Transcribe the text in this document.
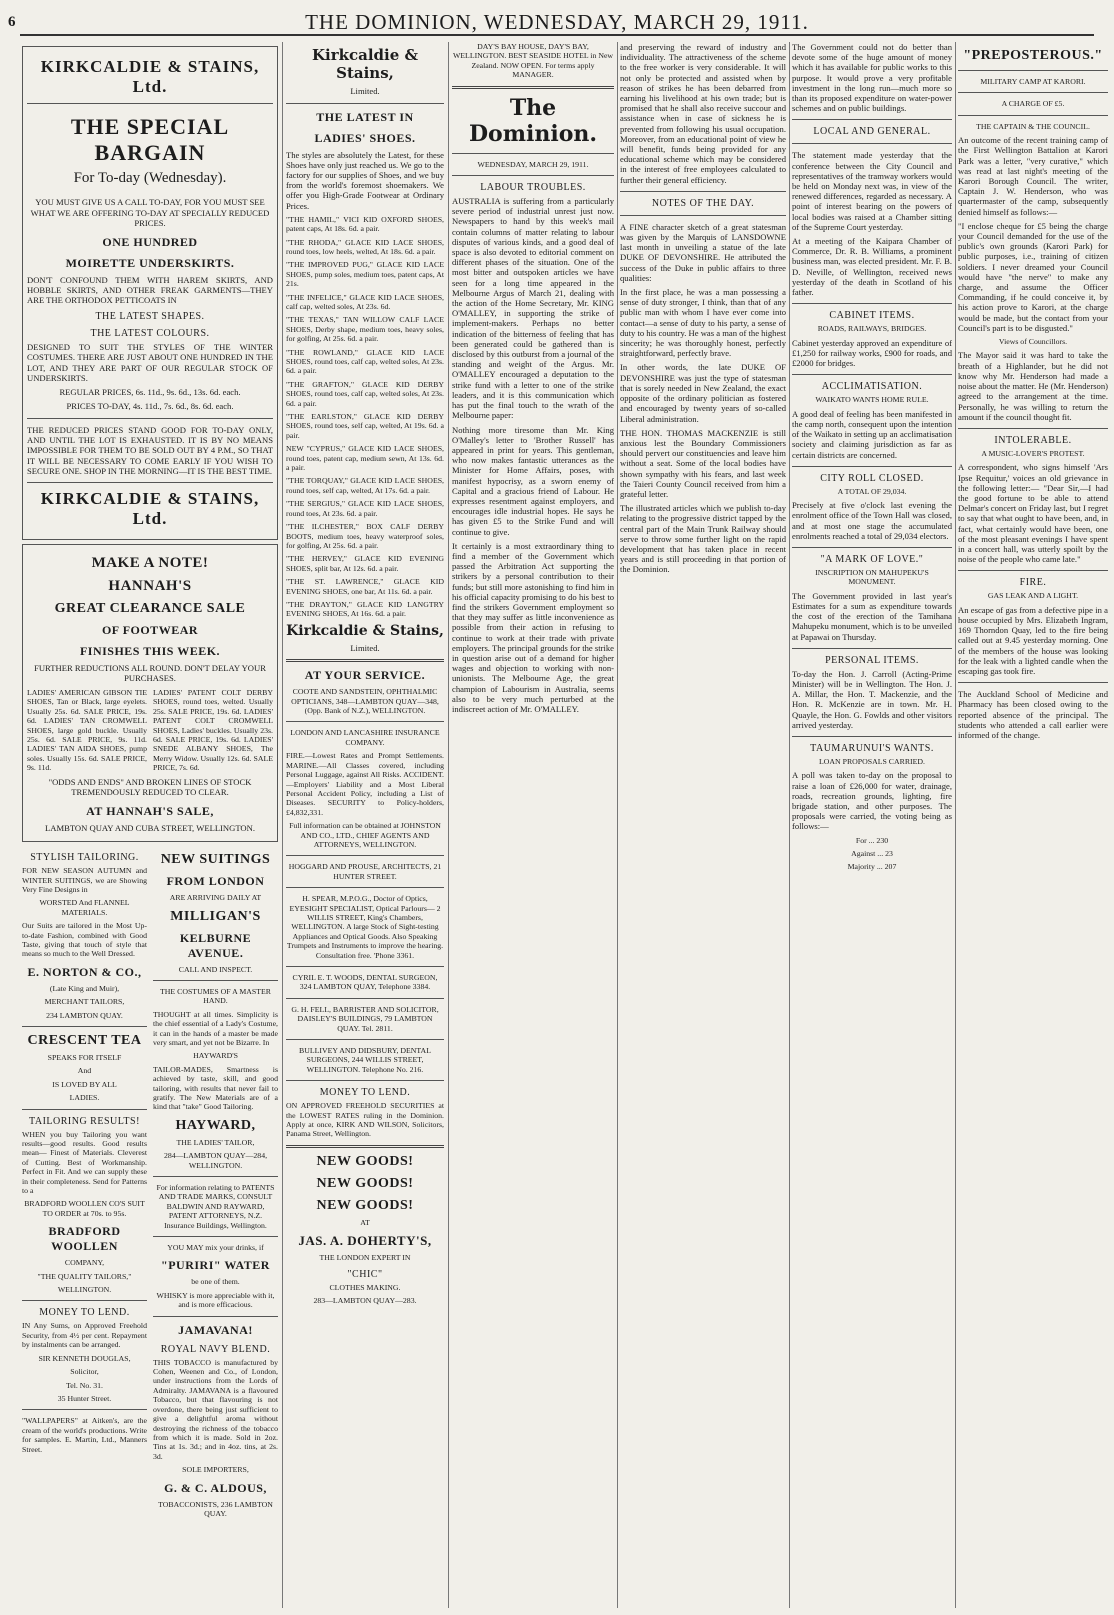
6	THE DOMINION, WEDNESDAY, MARCH 29, 1911.
KIRKCALDIE & STAINS, Ltd.
THE SPECIAL BARGAIN
For To-day (Wednesday).

YOU MUST GIVE US A CALL TO-DAY, FOR YOU MUST SEE WHAT WE ARE OFFERING TO-DAY AT SPECIALLY REDUCED PRICES.

ONE HUNDRED
MOIRETTE UNDERSKIRTS.

DON'T CONFOUND THEM WITH HAREM SKIRTS, AND HOBBLE SKIRTS, AND OTHER FREAK GARMENTS—THEY ARE THE ORTHODOX PETTICOATS IN

THE LATEST SHAPES.
THE LATEST COLOURS.

DESIGNED TO SUIT THE STYLES OF THE WINTER COSTUMES. THERE ARE JUST ABOUT ONE HUNDRED IN THE LOT, AND THEY ARE PART OF OUR REGULAR STOCK OF UNDERSKIRTS.

REGULAR PRICES, 6s. 11d., 9s. 6d., 13s. 6d. each.

PRICES TO-DAY, 4s. 11d., 7s. 6d., 8s. 6d. each.

THE REDUCED PRICES STAND GOOD FOR TO-DAY ONLY, AND UNTIL THE LOT IS EXHAUSTED. IT IS BY NO MEANS IMPOSSIBLE FOR THEM TO BE SOLD OUT BY 4 P.M., SO THAT IT WILL BE NECESSARY TO COME EARLY IF YOU WISH TO SECURE ONE. SHOP IN THE MORNING—IT IS THE BEST TIME.

KIRKCALDIE & STAINS, Ltd.
MAKE A NOTE!
HANNAH'S
GREAT CLEARANCE SALE
OF FOOTWEAR
FINISHES THIS WEEK.

FURTHER REDUCTIONS ALL ROUND. DON'T DELAY YOUR PURCHASES.

LADIES' AMERICAN GIBSON TIE SHOES, Tan or Black, large eyelets. Usually 25s. 6d. SALE PRICE, 19s. 6d. LADIES' TAN CROMWELL SHOES, large gold buckle. Usually 25s. 6d. SALE PRICE, 9s. 11d. LADIES' TAN AIDA SHOES, pump soles. Usually 15s. 6d. SALE PRICE, 9s. 11d.

LADIES' PATENT COLT DERBY SHOES, round toes, welted. Usually 25s. SALE PRICE, 19s. 6d. LADIES' PATENT COLT CROMWELL SHOES, Ladies' buckles. Usually 23s. 6d. SALE PRICE, 19s. 6d. LADIES' SNEDE ALBANY SHOES, The Merry Widow. Usually 12s. 6d. SALE PRICE, 7s. 6d.

"ODDS AND ENDS" AND BROKEN LINES OF STOCK TREMENDOUSLY REDUCED TO CLEAR.

AT HANNAH'S SALE,

LAMBTON QUAY AND CUBA STREET, WELLINGTON.

STYLISH TAILORING.

FOR NEW SEASON AUTUMN and WINTER SUITINGS, we are Showing Very Fine Designs in

WORSTED And FLANNEL MATERIALS.

Our Suits are tailored in the Most Up-to-date Fashion, combined with Good Taste, giving that touch of style that means so much to the Well Dressed.

E. NORTON & CO.,

(Late King and Muir),

MERCHANT TAILORS,

234 LAMBTON QUAY.

CRESCENT TEA

SPEAKS FOR ITSELF

And

IS LOVED BY ALL

LADIES.

TAILORING RESULTS!

WHEN you buy Tailoring you want results—good results. Good results mean— Finest of Materials. Cleverest of Cutting. Best of Workmanship. Perfect in Fit. And we can supply these in their completeness. Send for Patterns to a

BRADFORD WOOLLEN CO'S SUIT TO ORDER at 70s. to 95s.

BRADFORD WOOLLEN

COMPANY,

"THE QUALITY TAILORS,"

WELLINGTON.

MONEY TO LEND.

IN Any Sums, on Approved Freehold Security, from 4½ per cent. Repayment by instalments can be arranged.

SIR KENNETH DOUGLAS,

Solicitor,

Tel. No. 31.

35 Hunter Street.

"WALLPAPERS" at Aitken's, are the cream of the world's productions. Write for samples. E. Martin, Ltd., Manners Street.

NEW SUITINGS
FROM LONDON

ARE ARRIVING DAILY AT

MILLIGAN'S
KELBURNE AVENUE.

CALL AND INSPECT.

THE COSTUMES OF A MASTER HAND.

THOUGHT at all times. Simplicity is the chief essential of a Lady's Costume, it can in the hands of a master be made very smart, and yet not be Bizarre. In

HAYWARD'S

TAILOR-MADES, Smartness is achieved by taste, skill, and good tailoring, with results that never fail to gratify. The New Materials are of a kind that "take" Good Tailoring.

HAYWARD,

THE LADIES' TAILOR,

284—LAMBTON QUAY—284, WELLINGTON.

For information relating to PATENTS AND TRADE MARKS, CONSULT BALDWIN AND RAYWARD, PATENT ATTORNEYS, N.Z. Insurance Buildings, Wellington.

YOU MAY mix your drinks, if

"PURIRI" WATER

be one of them.

WHISKY is more appreciable with it, and is more efficacious.

JAMAVANA!
ROYAL NAVY BLEND.

THIS TOBACCO is manufactured by Cohen, Weenen and Co., of London, under instructions from the Lords of Admiralty. JAMAVANA is a flavoured Tobacco, but that flavouring is not overdone, there being just sufficient to give a delightful aroma without destroying the richness of the tobacco from which it is made. Sold in 2oz. Tins at 1s. 3d.; and in 4oz. tins, at 2s. 3d.

SOLE IMPORTERS,

G. & C. ALDOUS,

TOBACCONISTS, 236 LAMBTON QUAY.

Kirkcaldie & Stains,

Limited.

THE LATEST IN
LADIES' SHOES.

The styles are absolutely the Latest, for these Shoes have only just reached us. We go to the factory for our supplies of Shoes, and we buy from the world's foremost shoemakers. We offer you High-Grade Footwear at Ordinary Prices.

"THE HAMIL," VICI KID OXFORD SHOES, patent caps, At 18s. 6d. a pair.

"THE RHODA," GLACE KID LACE SHOES, round toes, low heels, welted, At 18s. 6d. a pair.

"THE IMPROVED PUG," GLACE KID LACE SHOES, pump soles, medium toes, patent caps, At 21s.

"THE INFELICE," GLACE KID LACE SHOES, calf cap, welted soles, At 23s. 6d.

"THE TEXAS," TAN WILLOW CALF LACE SHOES, Derby shape, medium toes, heavy soles, for golfing, At 25s. 6d. a pair.

"THE ROWLAND," GLACE KID LACE SHOES, round toes, calf cap, welted soles, At 23s. 6d. a pair.

"THE GRAFTON," GLACE KID DERBY SHOES, round toes, calf cap, welted soles, At 23s. 6d. a pair.

"THE EARLSTON," GLACE KID DERBY SHOES, round toes, self cap, welted, At 19s. 6d. a pair.

NEW "CYPRUS," GLACE KID LACE SHOES, round toes, patent cap, medium sewn, At 13s. 6d. a pair.

"THE TORQUAY," GLACE KID LACE SHOES, round toes, self cap, welted, At 17s. 6d. a pair.

"THE SERGIUS," GLACE KID LACE SHOES, round toes, At 23s. 6d. a pair.

"THE ILCHESTER," BOX CALF DERBY BOOTS, medium toes, heavy waterproof soles, for golfing, At 25s. 6d. a pair.

"THE HERVEY," GLACE KID EVENING SHOES, split bar, At 12s. 6d. a pair.

"THE ST. LAWRENCE," GLACE KID EVENING SHOES, one bar, At 11s. 6d. a pair.

"THE DRAYTON," GLACE KID LANGTRY EVENING SHOES, At 16s. 6d. a pair.

Kirkcaldie & Stains,

Limited.

AT YOUR SERVICE.

COOTE AND SANDSTEIN, OPHTHALMIC OPTICIANS, 348—LAMBTON QUAY—348, (Opp. Bank of N.Z.), WELLINGTON.

LONDON AND LANCASHIRE INSURANCE COMPANY.

FIRE.—Lowest Rates and Prompt Settlements. MARINE.—All Classes covered, including Personal Luggage, against All Risks. ACCIDENT.—Employers' Liability and a Most Liberal Personal Accident Policy, including a List of Diseases. SECURITY to Policy-holders, £4,832,331.

Full information can be obtained at JOHNSTON AND CO., LTD., CHIEF AGENTS AND ATTORNEYS, WELLINGTON.

HOGGARD AND PROUSE, ARCHITECTS, 21 HUNTER STREET.

H. SPEAR, M.P.O.G., Doctor of Optics, EYESIGHT SPECIALIST, Optical Parlours— 2 WILLIS STREET, King's Chambers, WELLINGTON. A large Stock of Sight-testing Appliances and Optical Goods. Also Speaking Trumpets and Instruments to improve the hearing. Consultation free. 'Phone 3361.

CYRIL E. T. WOODS, DENTAL SURGEON, 324 LAMBTON QUAY, Telephone 3384.

G. H. FELL, BARRISTER AND SOLICITOR, DAISLEY'S BUILDINGS, 79 LAMBTON QUAY. Tel. 2811.

BULLIVEY AND DIDSBURY, DENTAL SURGEONS, 244 WILLIS STREET, WELLINGTON. Telephone No. 216.

MONEY TO LEND.

ON APPROVED FREEHOLD SECURITIES at the LOWEST RATES ruling in the Dominion. Apply at once, KIRK AND WILSON, Solicitors, Panama Street, Wellington.

NEW GOODS!
NEW GOODS!
NEW GOODS!

AT

JAS. A. DOHERTY'S,

THE LONDON EXPERT IN

"CHIC"

CLOTHES MAKING.

283—LAMBTON QUAY—283.

DAY'S BAY HOUSE, DAY'S BAY, WELLINGTON. BEST SEASIDE HOTEL in New Zealand. NOW OPEN. For terms apply MANAGER.

The Dominion.

WEDNESDAY, MARCH 29, 1911.

LABOUR TROUBLES.

AUSTRALIA is suffering from a particularly severe period of industrial unrest just now. Newspapers to hand by this week's mail contain columns of matter relating to labour disputes of various kinds, and a good deal of space is also devoted to editorial comment on different phases of the situation. One of the most bitter and outspoken articles we have seen for a long time appeared in the Melbourne Argus of March 21, dealing with the action of the Home Secretary, Mr. KING O'MALLEY, in supporting the strike of implement-makers. Perhaps no better indication of the bitterness of feeling that has been generated could be gathered than is disclosed by this outburst from a journal of the standing and weight of the Argus. Mr. O'MALLEY encouraged a deputation to the strike fund with a letter to one of the strike leaders, and it is this communication which has put the final touch to the wrath of the Melbourne paper:

Nothing more tiresome than Mr. King O'Malley's letter to 'Brother Russell' has appeared in print for years. This gentleman, who now makes fantastic utterances as the Minister for Home Affairs, poses, with manifest hypocrisy, as a sworn enemy of Capital and a gracious friend of Labour. He expresses resentment against employers, and encourages idle industrial hopes. He says he has given £5 to the Strike Fund and will continue to give.

It certainly is a most extraordinary thing to find a member of the Government which passed the Arbitration Act supporting the strikers by a personal contribution to their funds; but still more astonishing to find him in his official capacity promising to do his best to find the strikers Government employment so that they may suffer as little inconvenience as possible from their action in refusing to continue to work at their trade with private employers. The principal grounds for the strike in question arise out of a demand for higher wages and objection to working with non-unionists. The Melbourne Age, the great champion of Labourism in Australia, seems also to be very much perturbed at the indiscreet action of Mr. O'MALLEY.

and preserving the reward of industry and individuality. The attractiveness of the scheme to the free worker is very considerable. It will not only be protected and assisted when by reason of strikes he has been debarred from earning his livelihood at his own trade; but is promised that he shall also receive succour and assistance when in case of sickness he is prevented from following his usual occupation. Moreover, from an educational point of view he will benefit, funds being provided for any educational scheme which may be considered in the interest of free employees calculated to further their general efficiency.

NOTES OF THE DAY.

A FINE character sketch of a great statesman was given by the Marquis of LANSDOWNE last month in unveiling a statue of the late DUKE OF DEVONSHIRE. He attributed the success of the Duke in public affairs to three qualities:

In the first place, he was a man possessing a sense of duty stronger, I think, than that of any public man with whom I have ever come into contact—a sense of duty to his party, a sense of duty to his country. He was a man of the highest sincerity; he was thoroughly honest, perfectly straightforward, perfectly brave.

In other words, the late DUKE OF DEVONSHIRE was just the type of statesman that is sorely needed in New Zealand, the exact opposite of the ordinary politician as fostered and encouraged by twenty years of so-called Liberal administration.

THE HON. THOMAS MACKENZIE is still anxious lest the Boundary Commissioners should pervert our constituencies and leave him without a seat. Some of the local bodies have shown sympathy with his fears, and last week the Taieri County Council received from him a grateful letter.

The illustrated articles which we publish to-day relating to the progressive district tapped by the central part of the Main Trunk Railway should serve to throw some further light on the rapid development that has taken place in recent years and is still proceeding in that portion of the Dominion.

The Government could not do better than devote some of the huge amount of money which it has available for public works to this purpose. It would prove a very profitable investment in the long run—much more so than its proposed expenditure on water-power schemes and on public buildings.

LOCAL AND GENERAL.

The statement made yesterday that the conference between the City Council and representatives of the tramway workers would be held on Monday next was, in view of the renewed differences, regarded as necessary. A point of interest bearing on the powers of local bodies was raised at a Chamber sitting of the Supreme Court yesterday.

At a meeting of the Kaipara Chamber of Commerce, Dr. R. B. Williams, a prominent business man, was elected president. Mr. F. B. D. Neville, of Wellington, received news yesterday of the death in Scotland of his father.

CABINET ITEMS.

ROADS, RAILWAYS, BRIDGES.

Cabinet yesterday approved an expenditure of £1,250 for railway works, £900 for roads, and £2000 for bridges.

ACCLIMATISATION.

WAIKATO WANTS HOME RULE.

A good deal of feeling has been manifested in the camp north, consequent upon the intention of the Waikato in setting up an acclimatisation society and claiming jurisdiction as far as certain districts are concerned.

CITY ROLL CLOSED.

A TOTAL OF 29,034.

Precisely at five o'clock last evening the enrolment office of the Town Hall was closed, and at most one stage the accumulated enrolments reached a total of 29,034 electors.

"A MARK OF LOVE."

INSCRIPTION ON MAHUPEKU'S MONUMENT.

The Government provided in last year's Estimates for a sum as expenditure towards the cost of the erection of the Tamihana Mahupeku monument, which is to be unveiled at Papawai on Thursday.

PERSONAL ITEMS.

To-day the Hon. J. Carroll (Acting-Prime Minister) will be in Wellington. The Hon. J. A. Millar, the Hon. T. Mackenzie, and the Hon. R. McKenzie are in town. Mr. H. Quayle, the Hon. G. Fowlds and other visitors arrived yesterday.

TAUMARUNUI'S WANTS.

LOAN PROPOSALS CARRIED.

A poll was taken to-day on the proposal to raise a loan of £26,000 for water, drainage, roads, recreation grounds, lighting, fire brigade station, and other purposes. The proposals were carried, the voting being as follows:—

For ... 230

Against ... 23

Majority ... 207

"PREPOSTEROUS."

MILITARY CAMP AT KARORI.

A CHARGE OF £5.

THE CAPTAIN & THE COUNCIL.

An outcome of the recent training camp of the First Wellington Battalion at Karori Park was a letter, "very curative," which was read at last night's meeting of the Karori Borough Council. The writer, Captain J. W. Henderson, who was quartermaster of the camp, subsequently denied himself as follows:—

"I enclose cheque for £5 being the charge your Council demanded for the use of the public's own grounds (Karori Park) for public purposes, i.e., training of citizen soldiers. I never dreamed your Council would have "the nerve" to make any charge, and assume the Officer Commanding, if he could conceive it, by his action prove to Karori, at the charge would be made, but the contact from your Council's part is to be disgusted."

Views of Councillors.

The Mayor said it was hard to take the breath of a Highlander, but he did not know why Mr. Henderson had made a noise about the matter. He (Mr. Henderson) agreed to the arrangement at the time. Personally, he was willing to return the amount if the council thought fit.

INTOLERABLE.

A MUSIC-LOVER'S PROTEST.

A correspondent, who signs himself 'Ars Ipse Requitur,' voices an old grievance in the following letter:— "Dear Sir,—I had the good fortune to be able to attend Delmar's concert on Friday last, but I regret to say that what ought to have been, and, in fact, what certainly would have been, one of the most pleasant evenings I have spent in a concert hall, was utterly spoilt by the noise of the people who came late."

FIRE.

GAS LEAK AND A LIGHT.

An escape of gas from a defective pipe in a house occupied by Mrs. Elizabeth Ingram, 169 Thorndon Quay, led to the fire being called out at 9.45 yesterday morning. One of the members of the house was looking for the leak with a lighted candle when the escaping gas took fire.

The Auckland School of Medicine and Pharmacy has been closed owing to the reported absence of the principal. The students who attended a call earlier were informed of the change.
